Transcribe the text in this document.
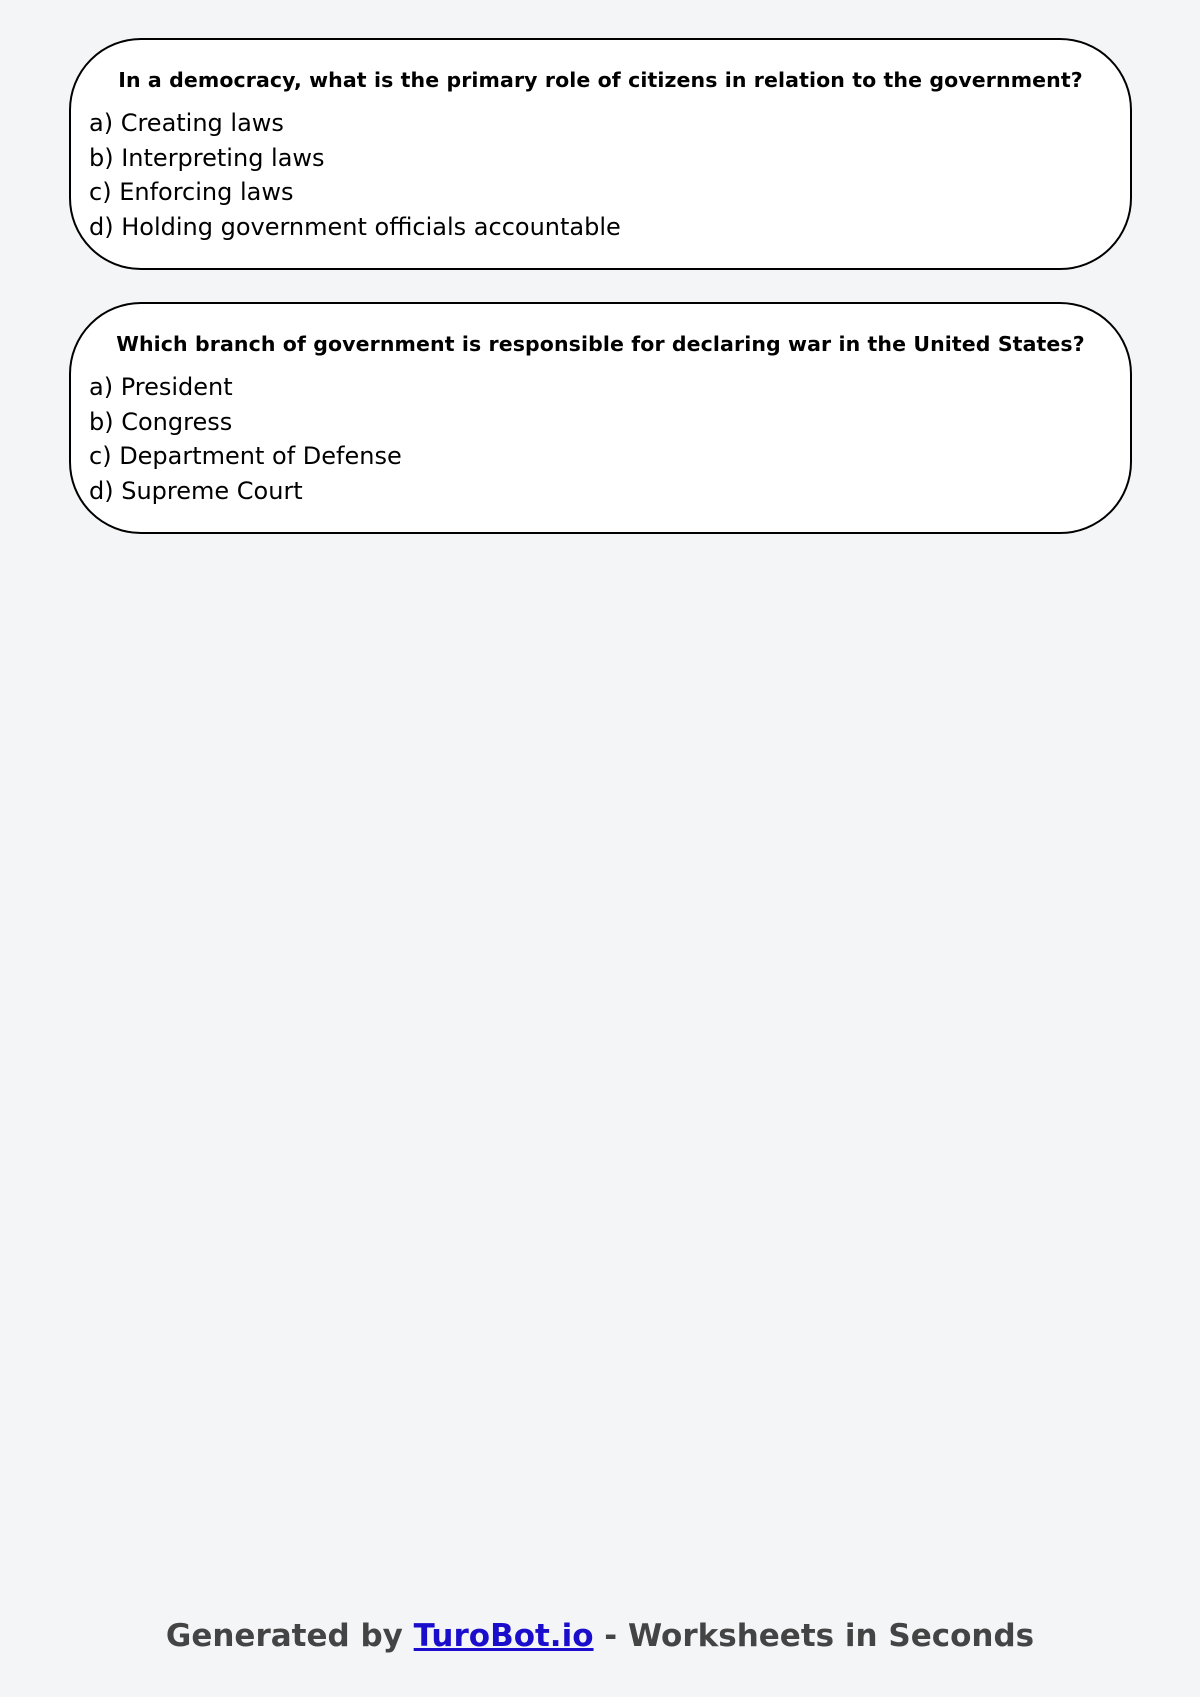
In a democracy, what is the primary role of citizens in relation to the government?

a) Creating laws
b) Interpreting laws
c) Enforcing laws
d) Holding government officials accountable

Which branch of government is responsible for declaring war in the United States?

a) President
b) Congress
c) Department of Defense
d) Supreme Court
Generated by TuroBot.io - Worksheets in Seconds
